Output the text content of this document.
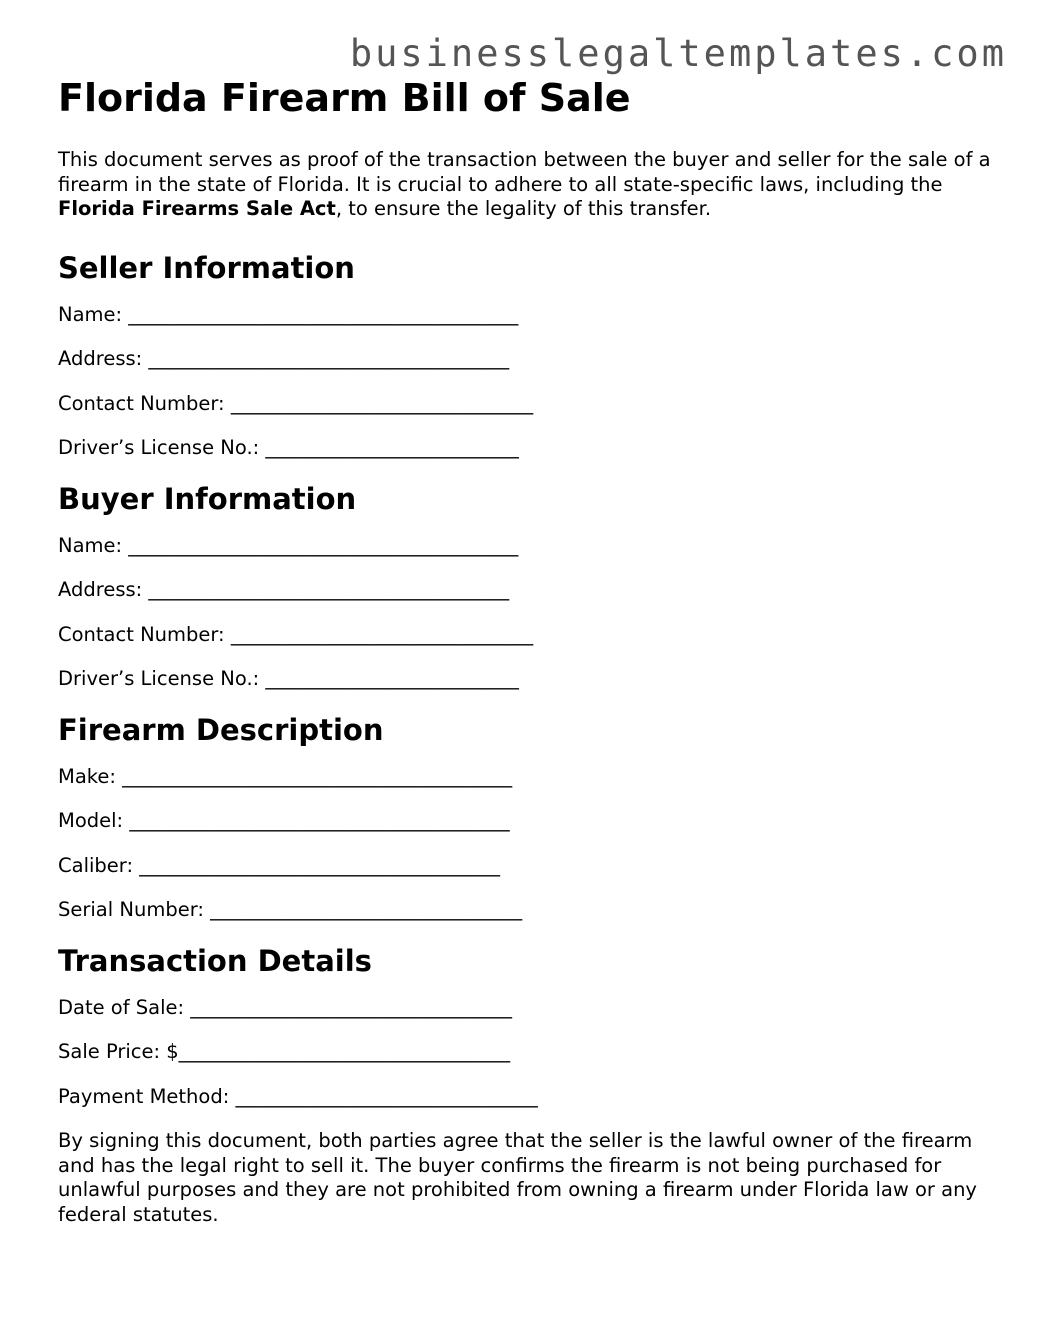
businesslegaltemplates.com
Florida Firearm Bill of Sale

This document serves as proof of the transaction between the buyer and seller for the sale of a firearm in the state of Florida. It is crucial to adhere to all state-specific laws, including the Florida Firearms Sale Act, to ensure the legality of this transfer.

Seller Information
Name: ________________________________________
Address: _____________________________________
Contact Number: _______________________________
Driver’s License No.: __________________________
Buyer Information
Name: ________________________________________
Address: _____________________________________
Contact Number: _______________________________
Driver’s License No.: __________________________
Firearm Description
Make: ________________________________________
Model: _______________________________________
Caliber: _____________________________________
Serial Number: ________________________________
Transaction Details
Date of Sale: _________________________________
Sale Price: $__________________________________
Payment Method: _______________________________

By signing this document, both parties agree that the seller is the lawful owner of the firearm and has the legal right to sell it. The buyer confirms the firearm is not being purchased for unlawful purposes and they are not prohibited from owning a firearm under Florida law or any federal statutes.
